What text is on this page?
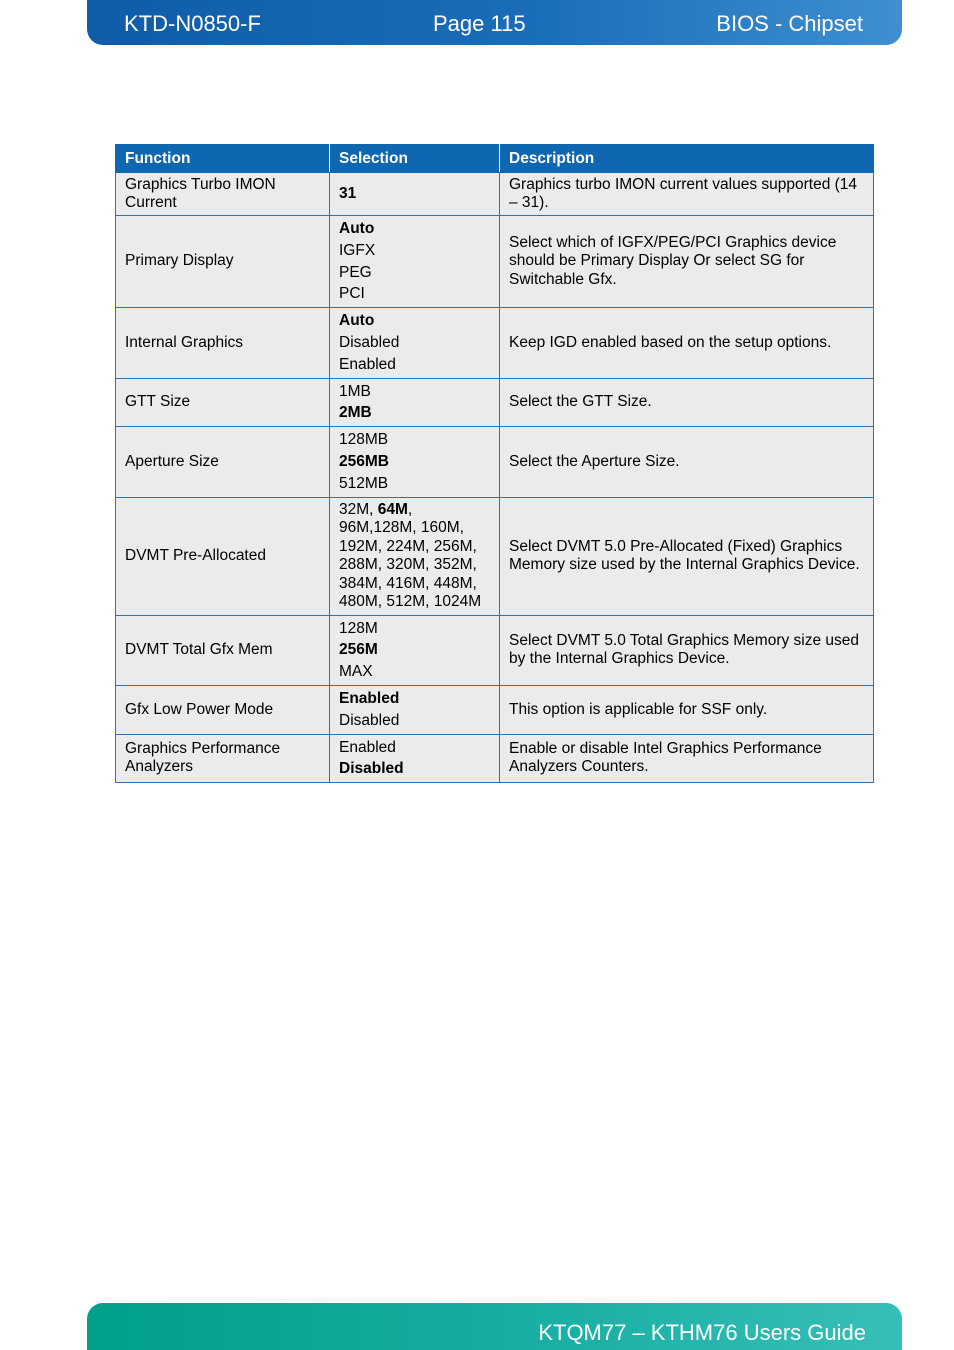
KTD-N0850-F	Page 115	BIOS - Chipset
Function	Selection	Description
Graphics Turbo IMON Current	31	Graphics turbo IMON current values supported (14 – 31).
Primary Display	Auto
IGFX
PEG
PCI	Select which of IGFX/PEG/PCI Graphics device should be Primary Display Or select SG for Switchable Gfx.
Internal Graphics	Auto
Disabled
Enabled	Keep IGD enabled based on the setup options.
GTT Size	1MB
2MB	Select the GTT Size.
Aperture Size	128MB
256MB
512MB	Select the Aperture Size.
DVMT Pre-Allocated	32M, 64M, 96M,128M, 160M, 192M, 224M, 256M, 288M, 320M, 352M, 384M, 416M, 448M, 480M, 512M, 1024M	Select DVMT 5.0 Pre-Allocated (Fixed) Graphics Memory size used by the Internal Graphics Device.
DVMT Total Gfx Mem	128M
256M
MAX	Select DVMT 5.0 Total Graphics Memory size used by the Internal Graphics Device.
Gfx Low Power Mode	Enabled
Disabled	This option is applicable for SSF only.
Graphics Performance Analyzers	Enabled
Disabled	Enable or disable Intel Graphics Performance Analyzers Counters.
KTQM77 – KTHM76 Users Guide
